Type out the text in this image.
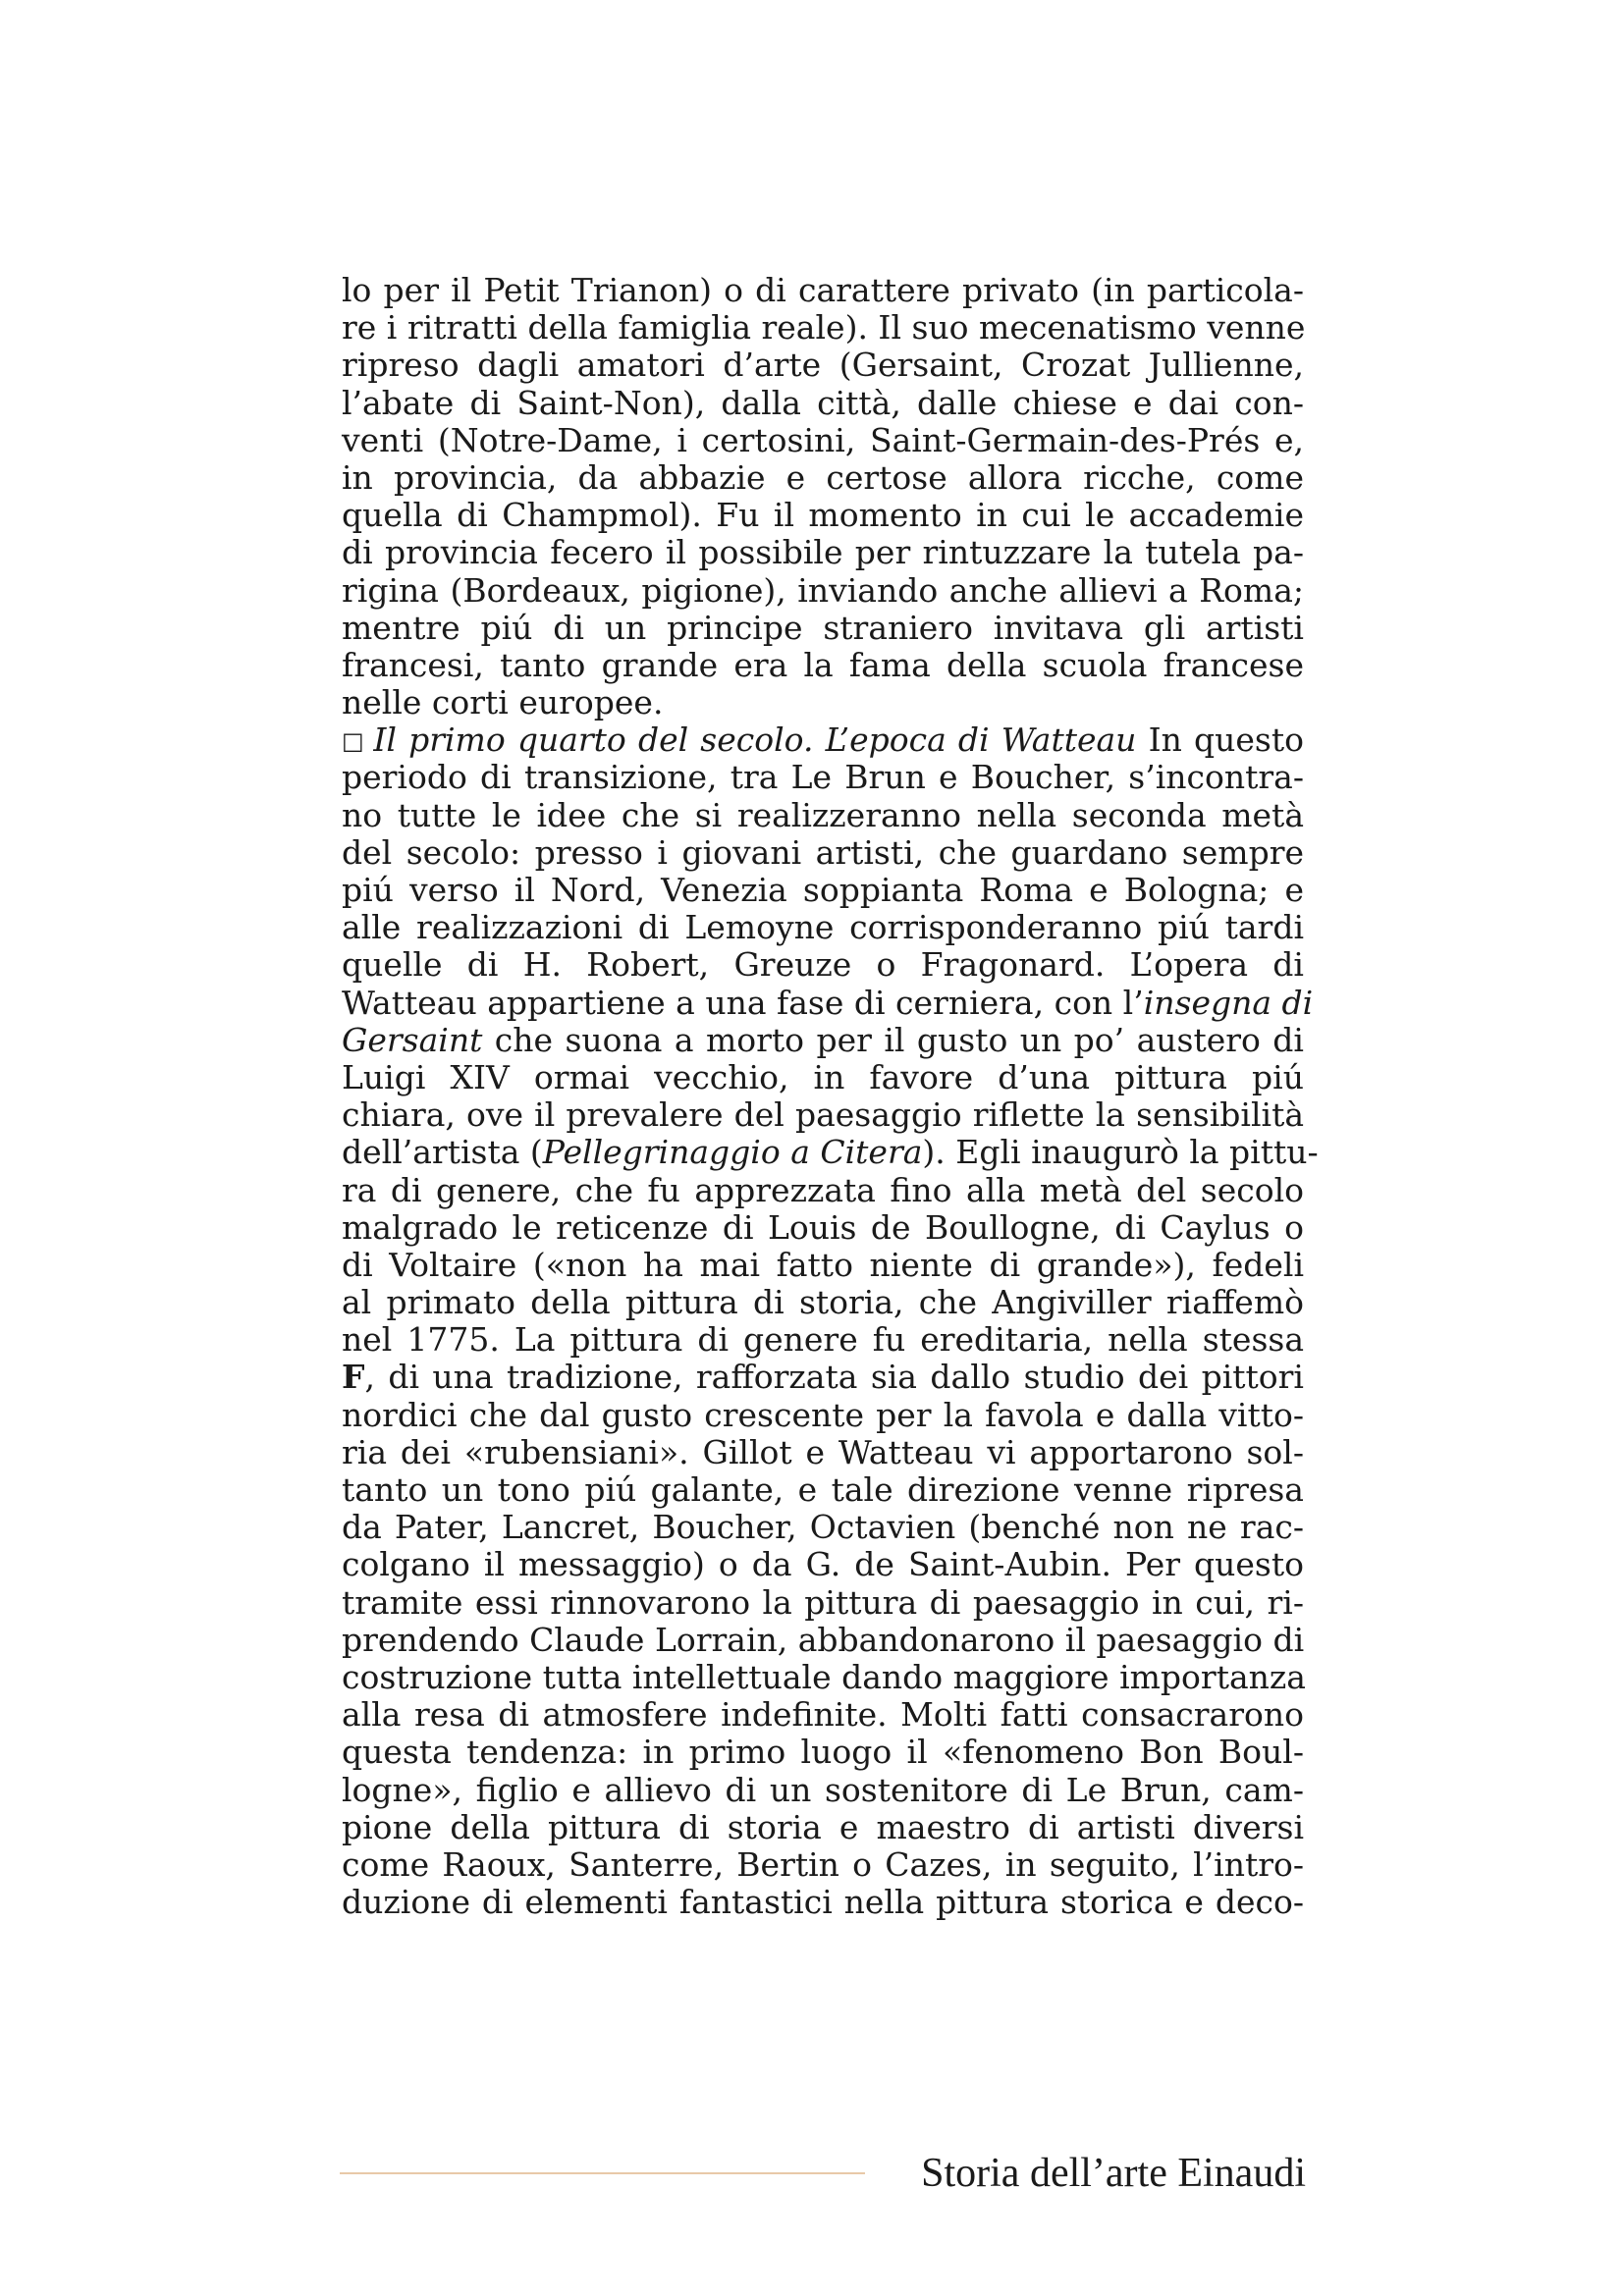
lo per il Petit Trianon) o di carattere privato (in particola-
re i ritratti della famiglia reale). Il suo mecenatismo venne
ripreso dagli amatori d’arte (Gersaint, Crozat Jullienne,
l’abate di Saint-Non), dalla città, dalle chiese e dai con-
venti (Notre-Dame, i certosini, Saint-Germain-des-Prés e,
in provincia, da abbazie e certose allora ricche, come
quella di Champmol). Fu il momento in cui le accademie
di provincia fecero il possibile per rintuzzare la tutela pa-
rigina (Bordeaux, pigione), inviando anche allievi a Roma;
mentre piú di un principe straniero invitava gli artisti
francesi, tanto grande era la fama della scuola francese
nelle corti europee.
□ Il primo quarto del secolo. L’epoca di Watteau In questo
periodo di transizione, tra Le Brun e Boucher, s’incontra-
no tutte le idee che si realizzeranno nella seconda metà
del secolo: presso i giovani artisti, che guardano sempre
piú verso il Nord, Venezia soppianta Roma e Bologna; e
alle realizzazioni di Lemoyne corrisponderanno piú tardi
quelle di H. Robert, Greuze o Fragonard. L’opera di
Watteau appartiene a una fase di cerniera, con l’insegna di
Gersaint che suona a morto per il gusto un po’ austero di
Luigi XIV ormai vecchio, in favore d’una pittura piú
chiara, ove il prevalere del paesaggio riflette la sensibilità
dell’artista (Pellegrinaggio a Citera). Egli inaugurò la pittu-
ra di genere, che fu apprezzata fino alla metà del secolo
malgrado le reticenze di Louis de Boullogne, di Caylus o
di Voltaire («non ha mai fatto niente di grande»), fedeli
al primato della pittura di storia, che Angiviller riaffemò
nel 1775. La pittura di genere fu ereditaria, nella stessa
F, di una tradizione, rafforzata sia dallo studio dei pittori
nordici che dal gusto crescente per la favola e dalla vitto-
ria dei «rubensiani». Gillot e Watteau vi apportarono sol-
tanto un tono piú galante, e tale direzione venne ripresa
da Pater, Lancret, Boucher, Octavien (benché non ne rac-
colgano il messaggio) o da G. de Saint-Aubin. Per questo
tramite essi rinnovarono la pittura di paesaggio in cui, ri-
prendendo Claude Lorrain, abbandonarono il paesaggio di
costruzione tutta intellettuale dando maggiore importanza
alla resa di atmosfere indefinite. Molti fatti consacrarono
questa tendenza: in primo luogo il «fenomeno Bon Boul-
logne», figlio e allievo di un sostenitore di Le Brun, cam-
pione della pittura di storia e maestro di artisti diversi
come Raoux, Santerre, Bertin o Cazes, in seguito, l’intro-
duzione di elementi fantastici nella pittura storica e deco-
Storia dell’arte Einaudi
